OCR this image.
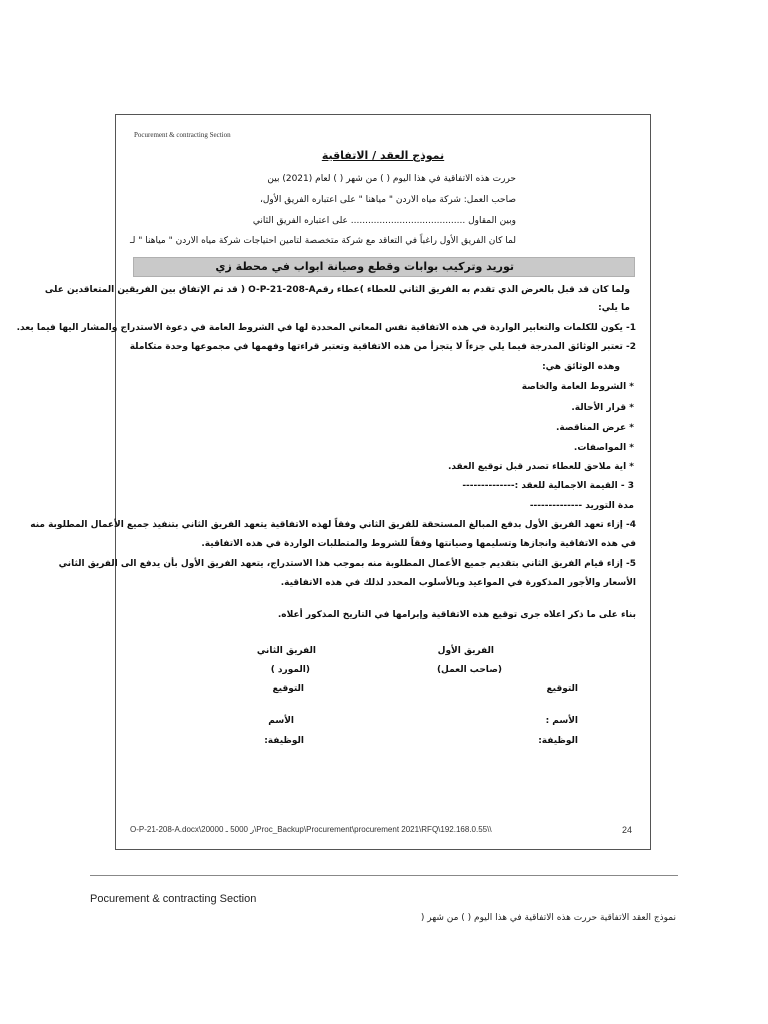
Pocurement & contracting Section
نموذج العقد / الاتفاقية
حررت هذه الاتفاقية في هذا اليوم ( ) من شهر ( ) لعام (2021) بين
صاحب العمل: شركة مياه الاردن " مياهنا " على اعتباره الفريق الأول،
وبين المقاول ........................................ على اعتباره الفريق الثاني
لما كان الفريق الأول راغباً في التعاقد مع شركة متخصصة لتامين احتياجات شركة مياه الاردن " مياهنا " لـ
توريد وتركيب بوابات وقطع وصيانة ابواب في محطة زي
ولما كان قد قبل بالعرض الذي تقدم به الفريق الثاني للعطاء )عطاء رقمO-P-21-208-A ( قد تم الإتفاق بين الفريقين المتعاقدين على
ما يلي:
1- يكون للكلمات والتعابير الواردة في هذه الاتفاقية نفس المعاني المحددة لها في الشروط العامة في دعوة الاستدراج والمشار اليها فيما بعد.
2- تعتبر الوثائق المدرجة فيما يلي جزءاً لا يتجزأ من هذه الاتفاقية وتعتبر قراءتها وفهمها في مجموعها وحدة متكاملة
وهذه الوثائق هي:
* الشروط العامة والخاصة
* قرار الأحالة.
* عرض المناقصة.
* المواصفات.
* اية ملاحق للعطاء تصدر قبل توقيع العقد.
3 - القيمة الاجمالية للعقد :--------------
مدة التوريد --------------
4- إزاء تعهد الفريق الأول بدفع المبالغ المستحقة للفريق الثاني وفقاً لهذه الاتفاقية يتعهد الفريق الثاني بتنفيذ جميع الأعمال المطلوبة منه
في هذه الاتفاقية وانجازها وتسليمها وصيانتها وفقاً للشروط والمتطلبات الواردة في هذه الاتفاقية.
5- إزاء قيام الفريق الثاني بتقديم جميع الأعمال المطلوبة منه بموجب هذا الاستدراج، يتعهد الفريق الأول بأن يدفع الى الفريق الثاني
الأسعار والأجور المذكورة في المواعيد وبالأسلوب المحدد لذلك في هذه الاتفاقية.
بناء على ما ذكر اعلاه جرى توقيع هذه الاتفاقية وإبرامها في التاريخ المذكور أعلاه.
الفريق الأول
(صاحب العمل)
الفريق الثاني
(المورد )
التوقيع
التوقيع
الأسم :
الأسم
الوظيفة:
الوظيفة:
O-P-21-208-A.docx\20000 ر 5000 ـ\Proc_Backup\Procurement\procurement 2021\RFQ\192.168.0.55\\	24
Pocurement & contracting Section
نموذج العقد الاتفاقية حررت هذه الاتفاقية في هذا اليوم ( ) من شهر (
